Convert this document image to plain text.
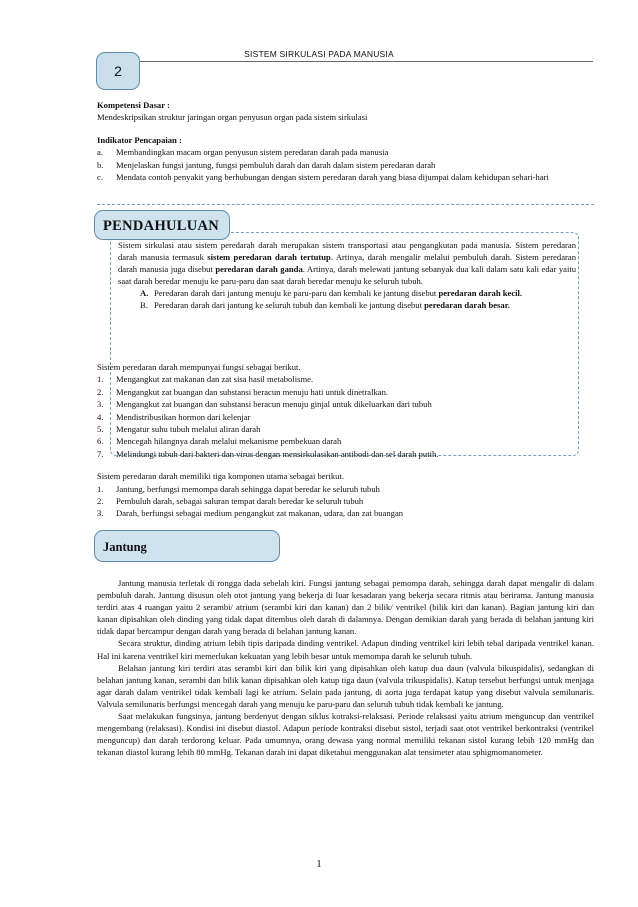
SISTEM SIRKULASI PADA MANUSIA
2
Kompetensi Dasar :
Mendeskripsikan struktur jaringan organ penyusun organ pada sistem sirkulasi
Indikator Pencapaian :
a.	Membandingkan macam organ penyusun sistem peredaran darah pada manusia
b.	Menjelaskan fungsi jantung, fungsi pembuluh darah dan darah dalam sistem peredaran darah
c.	Mendata contoh penyakit yang berhubungan dengan sistem peredaran darah yang biasa dijumpai dalam kehidupan sehari-hari
PENDAHULUAN
Sistem sirkulasi atau sistem peredarah darah merupakan sistem transportasi atau pengangkutan pada manusia. Sistem peredaran darah manusia termasuk sistem peredaran darah tertutup. Artinya, darah mengalir melalui pembuluh darah. Sistem peredaran darah manusia juga disebut peredaran darah ganda. Artinya, darah melewati jantung sebanyak dua kali dalam satu kali edar yaitu saat darah beredar menuju ke paru-paru dan saat darah beredar menuju ke seluruh tubuh.
A. Peredaran darah dari jantung menuju ke paru-paru dan kembali ke jantung disebut peredaran darah kecil.
B. Peredaran darah dari jantung ke seluruh tubuh dan kembali ke jantung disebut peredaran darah besar.
Sistem peredaran darah mempunyai fungsi sebagai berikut.
1.	Mengangkut zat makanan dan zat sisa hasil metabolisme.
2.	Mengangkut zat buangan dan substansi beracun menuju hati untuk dinetralkan.
3.	Mengangkut zat buangan dan substansi beracun menuju ginjal untuk dikeluarkan dari tubuh
4.	Mendistribusikan hormon dari kelenjar
5.	Mengatur suhu tubuh melalui aliran darah
6.	Mencegah hilangnya darah melalui mekanisme pembekuan darah
7.	Melindungi tubuh dari bakteri dan virus dengan mensirkulasikan antibodi dan sel darah putih.
Sistem peredaran darah memiliki tiga komponen utama sebagai berikut.
1.	Jantung, berfungsi memompa darah sehingga dapat beredar ke seluruh tubuh
2.	Pembuluh darah, sebagai saluran tempat darah beredar ke seluruh tubuh
3.	Darah, berfungsi sebagai medium pengangkut zat makanan, udara, dan zat buangan
Jantung

Jantung manusia terletak di rongga dada sebelah kiri. Fungsi jantung sebagai pemompa darah, sehingga darah dapat mengalir di dalam pembuluh darah. Jantung disusun oleh otot jantung yang bekerja di luar kesadaran yang bekerja secara ritmis atau berirama. Jantung manusia terdiri atas 4 ruangan yaitu 2 serambi/ atrium (serambi kiri dan kanan) dan 2 bilik/ ventrikel (bilik kiri dan kanan). Bagian jantung kiri dan kanan dipisahkan oleh dinding yang tidak dapat ditembus oleh darah di dalamnya. Dengan demikian darah yang berada di belahan jantung kiri tidak dapat bercampur dengan darah yang berada di belahan jantung kanan.

Secara struktur, dinding atrium lebih tipis daripada dinding ventrikel. Adapun dinding ventrikel kiri lebih tebal daripada ventrikel kanan. Hal ini karena ventrikel kiri memerlukan kekuatan yang lebih besar untuk memompa darah ke seluruh tubuh.

Belahan jantung kiri terdiri atas serambi kiri dan bilik kiri yang dipisahkan oleh katup dua daun (valvula bikuspidalis), sedangkan di belahan jantung kanan, serambi dan bilik kanan dipisahkan oleh katup tiga daun (valvula trikuspidalis). Katup tersebut berfungsi untuk menjaga agar darah dalam ventrikel tidak kembali lagi ke atrium. Selain pada jantung, di aorta juga terdapat katup yang disebut valvula semilunaris. Valvula semilunaris berfungsi mencegah darah yang menuju ke paru-paru dan seluruh tubuh tidak kembali ke jantung.

Saat melakukan fungsinya, jantung berdenyut dengan siklus kotraksi-relaksasi. Periode relaksasi yaitu atrium menguncup dan ventrikel mengembang (relaksasi). Kondisi ini disebut diastol. Adapun periode kontraksi disebut sistol, terjadi saat otot ventrikel berkontraksi (ventrikel menguncup) dan darah terdorong keluar. Pada umumnya, orang dewasa yang normal memiliki tekanan sistol kurang lebih 120 mmHg dan tekanan diastol kurang lebih 80 mmHg. Tekanan darah ini dapat diketahui menggunakan alat tensimeter atau sphigmomanometer.

1
